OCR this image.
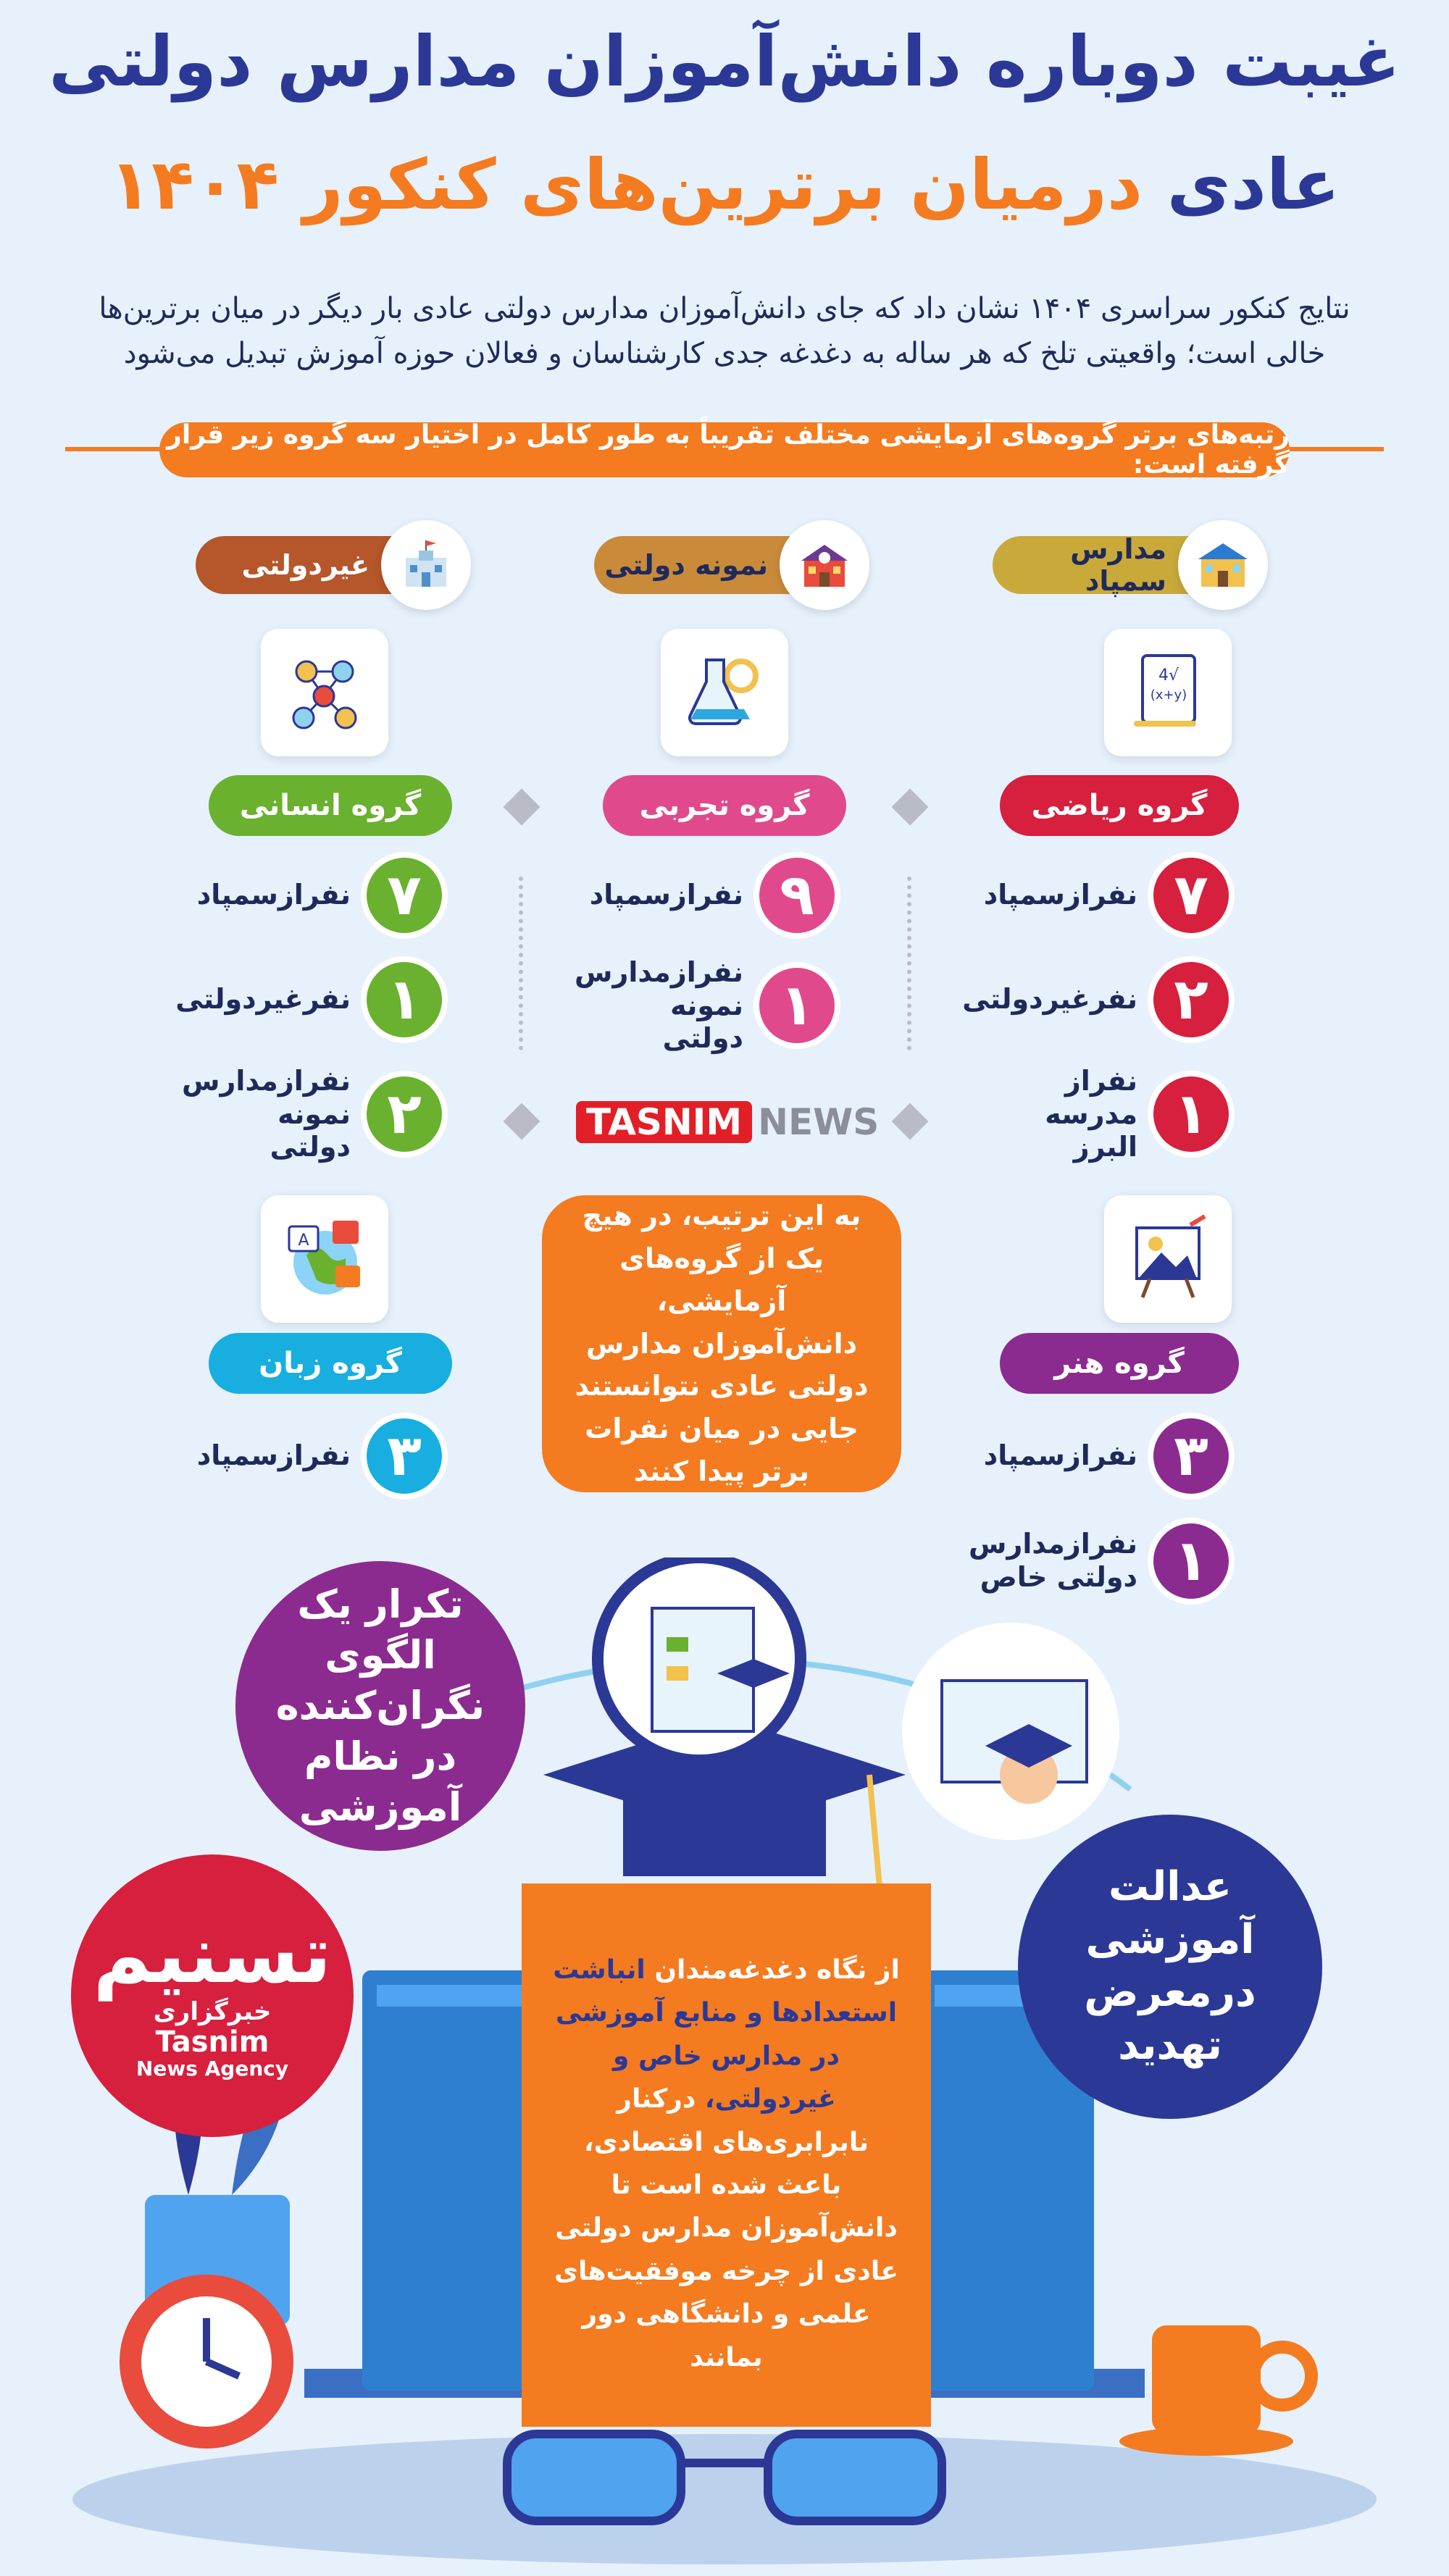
غیبت دوباره دانش‌آموزان مدارس دولتی
عادی درمیان برترین‌های کنکور ۱۴۰۴
نتایج کنکور سراسری ۱۴۰۴ نشان داد که جای دانش‌آموزان مدارس دولتی عادی بار دیگر در میان برترین‌ها خالی است؛ واقعیتی تلخ که هر ساله به دغدغه جدی کارشناسان و فعالان حوزه آموزش تبدیل می‌شود
رتبه‌های برتر گروه‌های آزمایشی مختلف تقریباً به طور کامل در اختیار سه گروه زیر قرار گرفته است:
مدارس سمپاد
نمونه دولتی
غیردولتی
√4
(x+y)
گروه ریاضی
گروه تجربی
گروه انسانی
۷
نفرازسمپاد
۲
نفرغیردولتی
۱
نفراز مدرسه البرز
۹
نفرازسمپاد
۱
نفرازمدارس نمونه دولتی
۷
نفرازسمپاد
۱
نفرغیردولتی
۲
نفرازمدارس نمونه دولتی
TASNIM NEWS
A
گروه هنر
گروه زبان
۳
نفرازسمپاد
۱
نفرازمدارس دولتی خاص
۳
نفرازسمپاد
به این ترتیب، در هیچ یک از گروه‌های آزمایشی، دانش‌آموزان مدارس دولتی عادی نتوانستند جایی در میان نفرات برتر پیدا کنند
تکرار یک الگوی نگران‌کننده در نظام آموزشی
عدالت آموزشی درمعرض تهدید
از نگاه دغدغه‌مندان انباشت استعدادها و منابع آموزشی در مدارس خاص و غیردولتی، درکنار نابرابری‌های اقتصادی، باعث شده است تا دانش‌آموزان مدارس دولتی عادی از چرخه موفقیت‌های علمی و دانشگاهی دور بمانند
تسنیم
خبرگزاری
Tasnim
News Agency
